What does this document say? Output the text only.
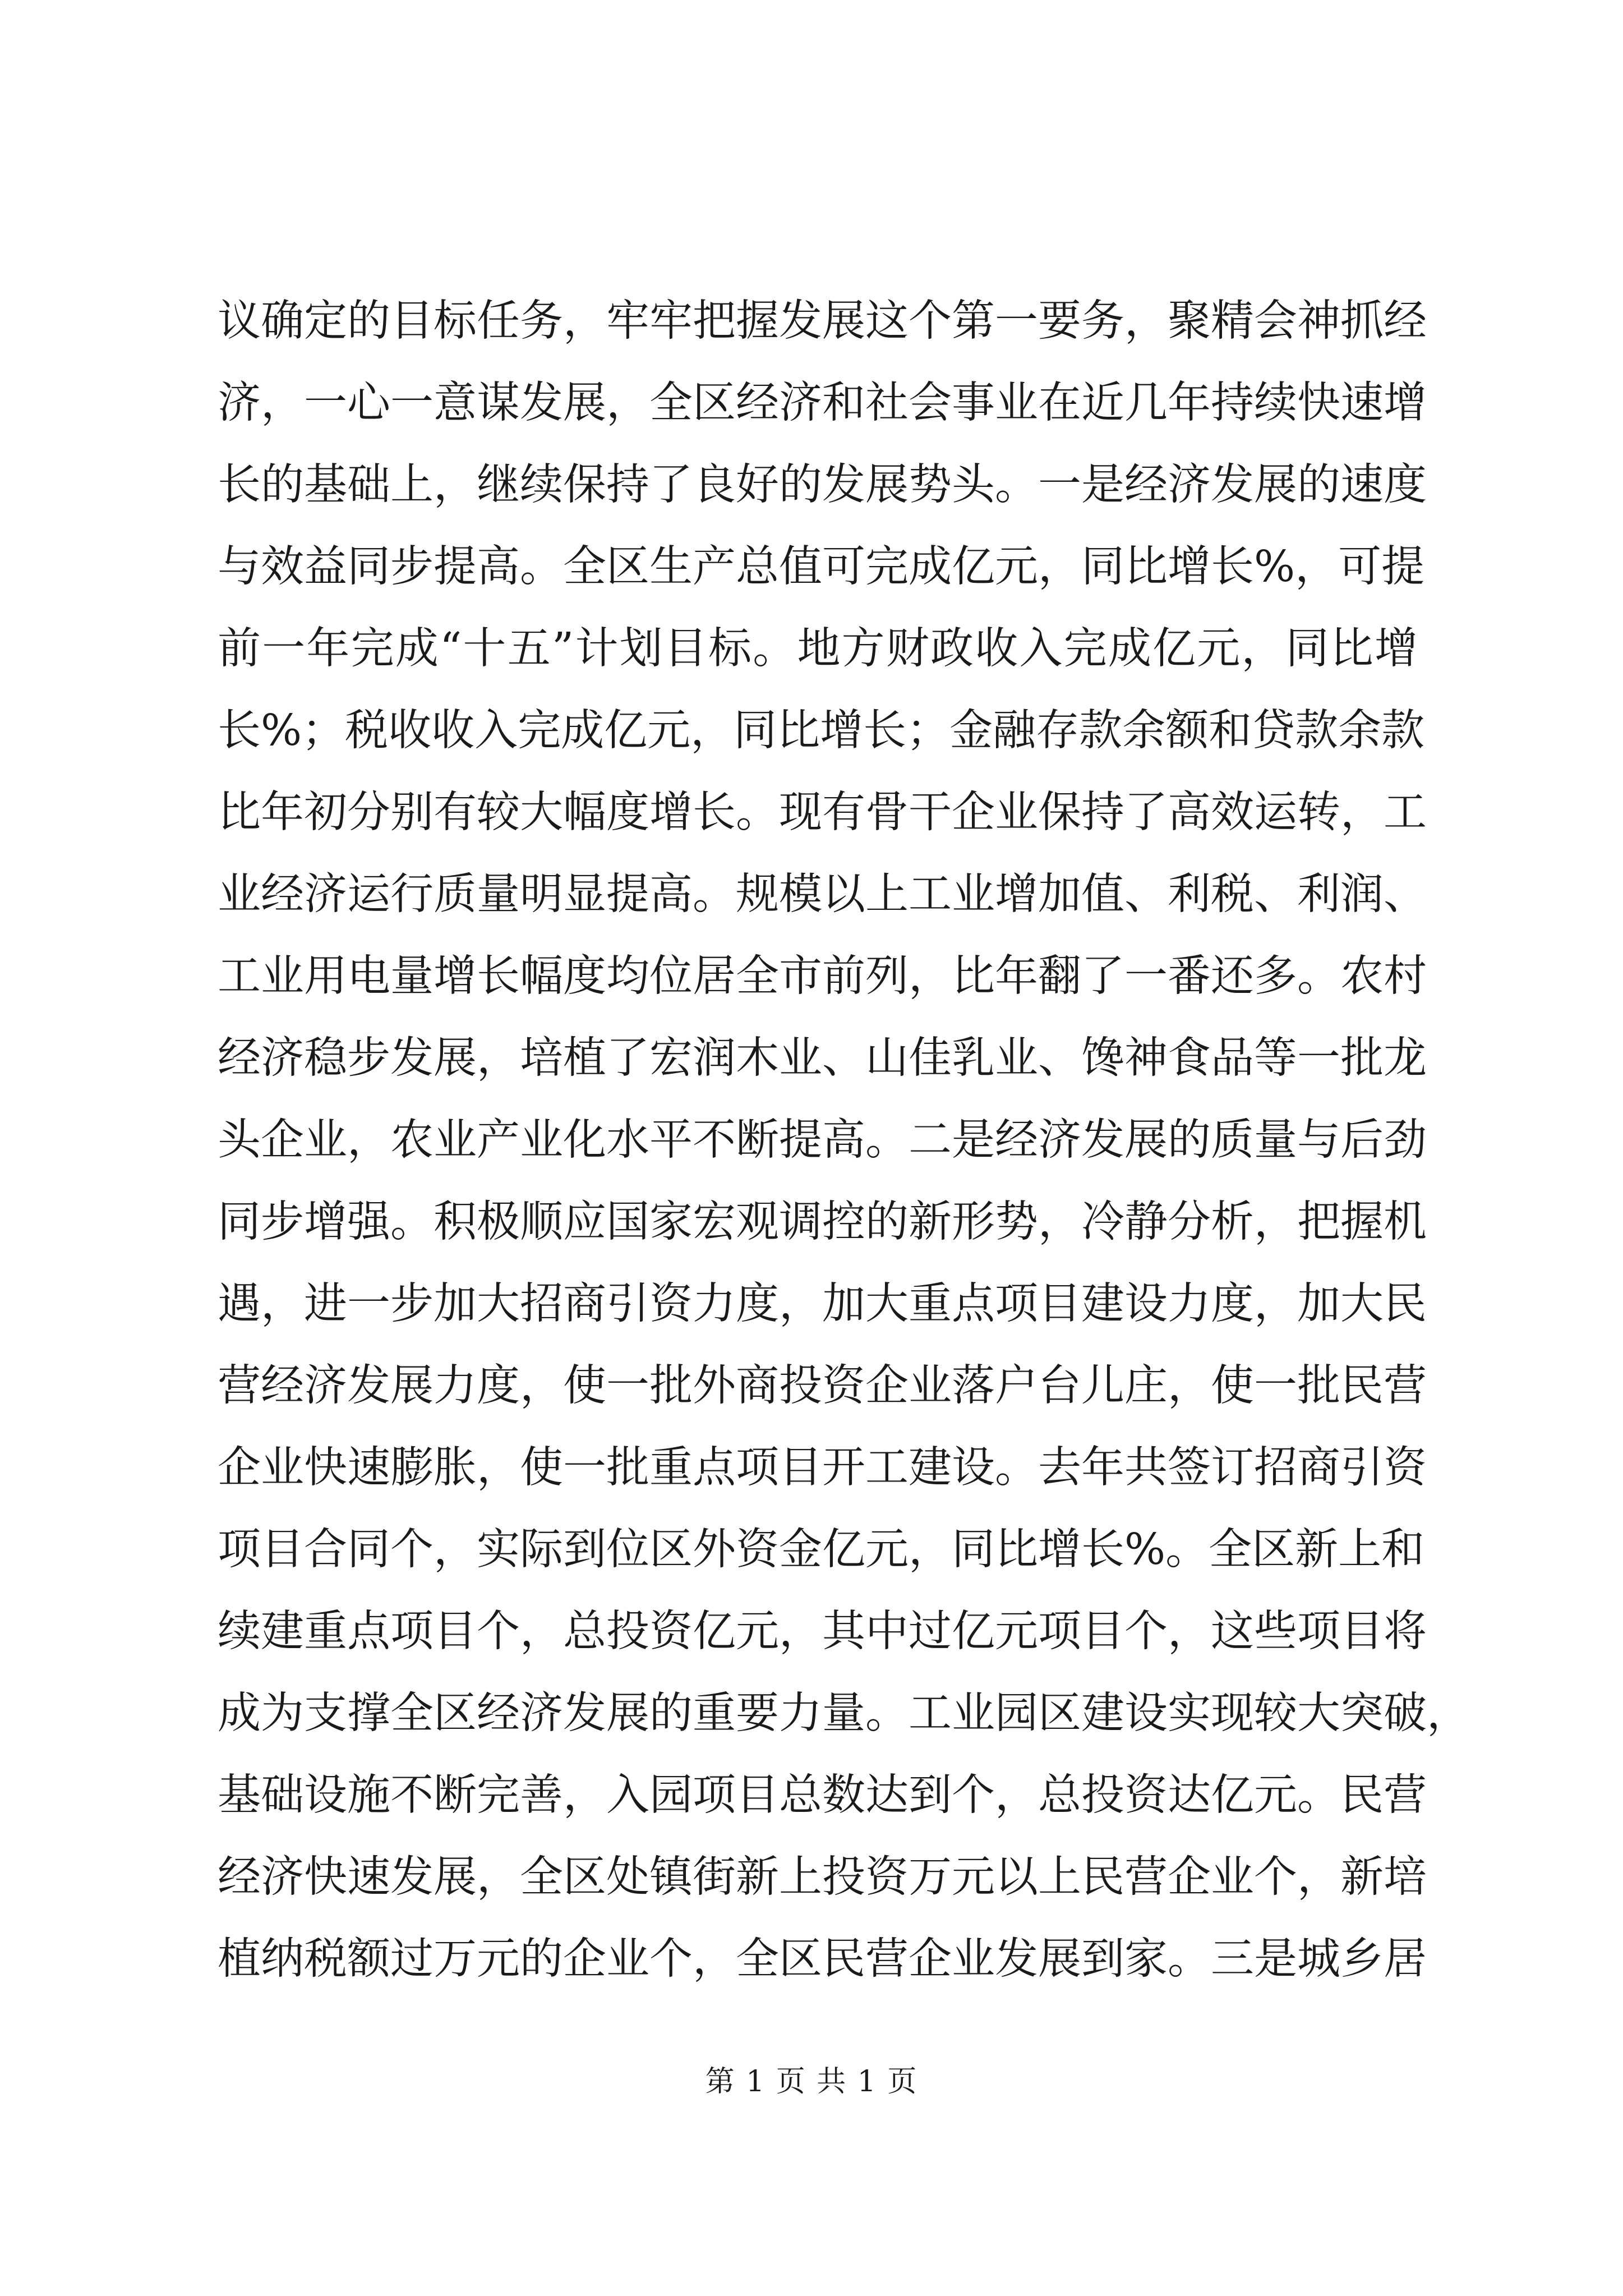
议确定的目标任务，牢牢把握发展这个第一要务，聚精会神抓经
济，一心一意谋发展，全区经济和社会事业在近几年持续快速增
长的基础上，继续保持了良好的发展势头。一是经济发展的速度
与效益同步提高。全区生产总值可完成亿元，同比增长%，可提
前一年完成“十五”计划目标。地方财政收入完成亿元，同比增
长%；税收收入完成亿元，同比增长；金融存款余额和贷款余款
比年初分别有较大幅度增长。现有骨干企业保持了高效运转，工
业经济运行质量明显提高。规模以上工业增加值、利税、利润、
工业用电量增长幅度均位居全市前列，比年翻了一番还多。农村
经济稳步发展，培植了宏润木业、山佳乳业、馋神食品等一批龙
头企业，农业产业化水平不断提高。二是经济发展的质量与后劲
同步增强。积极顺应国家宏观调控的新形势，冷静分析，把握机
遇，进一步加大招商引资力度，加大重点项目建设力度，加大民
营经济发展力度，使一批外商投资企业落户台儿庄，使一批民营
企业快速膨胀，使一批重点项目开工建设。去年共签订招商引资
项目合同个，实际到位区外资金亿元，同比增长%。全区新上和
续建重点项目个，总投资亿元，其中过亿元项目个，这些项目将
成为支撑全区经济发展的重要力量。工业园区建设实现较大突破，
基础设施不断完善，入园项目总数达到个，总投资达亿元。民营
经济快速发展，全区处镇街新上投资万元以上民营企业个，新培
植纳税额过万元的企业个，全区民营企业发展到家。三是城乡居
第 1 页 共 1 页
